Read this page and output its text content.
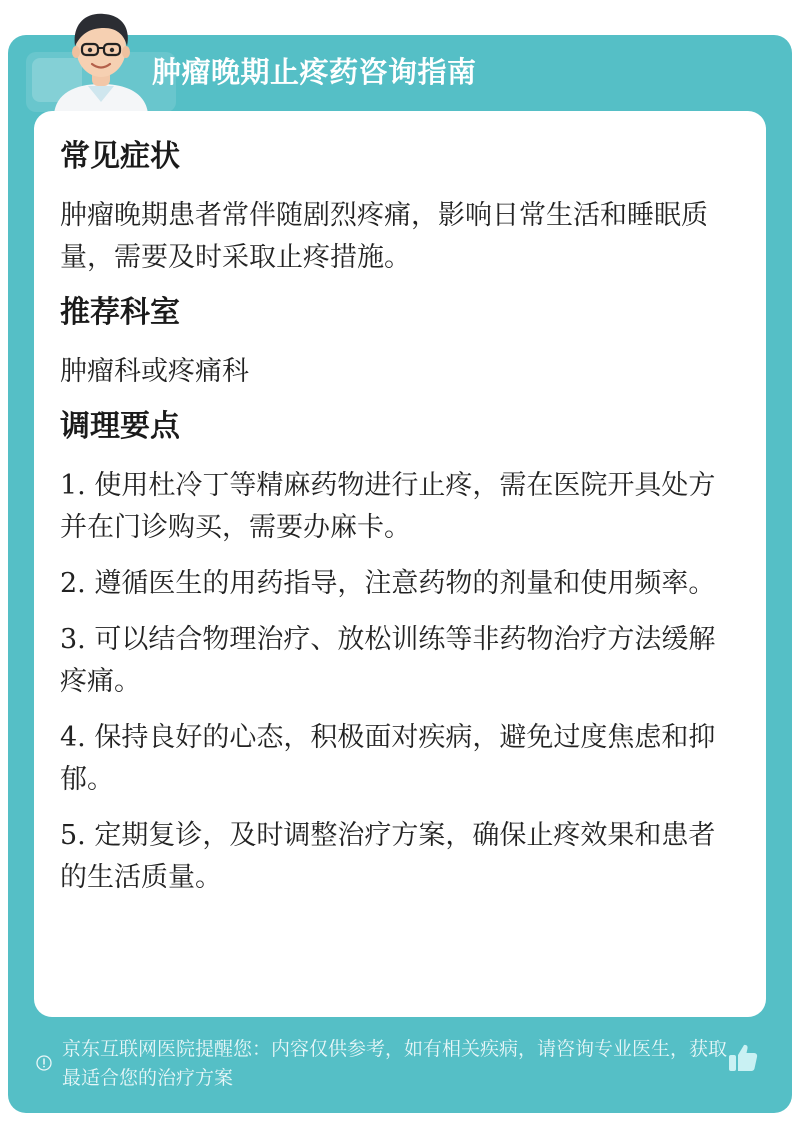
肿瘤晚期止疼药咨询指南
常见症状

肿瘤晚期患者常伴随剧烈疼痛，影响日常生活和睡眠质量，需要及时采取止疼措施。

推荐科室

肿瘤科或疼痛科

调理要点

1. 使用杜冷丁等精麻药物进行止疼，需在医院开具处方并在门诊购买，需要办麻卡。

2. 遵循医生的用药指导，注意药物的剂量和使用频率。

3. 可以结合物理治疗、放松训练等非药物治疗方法缓解疼痛。

4. 保持良好的心态，积极面对疾病，避免过度焦虑和抑郁。

5. 定期复诊，及时调整治疗方案，确保止疼效果和患者的生活质量。

京东互联网医院提醒您：内容仅供参考，如有相关疾病，请咨询专业医生，获取最适合您的治疗方案
